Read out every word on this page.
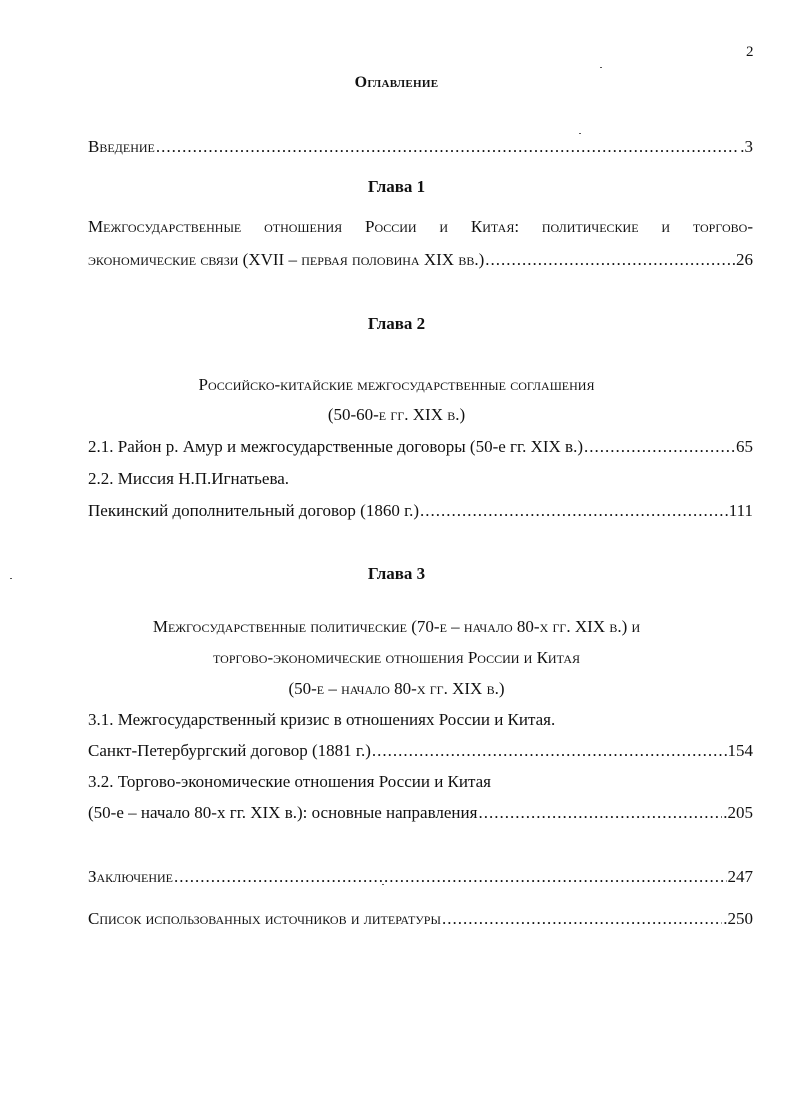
2
Оглавление
Введение .....	.3
Глава 1
Межгосударственные отношения России и Китая: политические и торгово-
экономические связи (XVII – первая половина XIX вв.) .....	.26
Глава 2
Российско-китайские межгосударственные соглашения
(50-60-е гг. XIX в.)
2.1. Район р. Амур и межгосударственные договоры (50-е гг. XIX в.) .....	65
2.2. Миссия Н.П.Игнатьева.
Пекинский дополнительный договор (1860 г.) .....	111
Глава 3
Межгосударственные политические (70-е – начало 80-х гг. XIX в.) и
торгово-экономические отношения России и Китая
(50-е – начало 80-х гг. XIX в.)
3.1. Межгосударственный кризис в отношениях России и Китая.
Санкт-Петербургский договор (1881 г.) .....	154
3.2. Торгово-экономические отношения России и Китая
(50-е – начало 80-х гг. XIX в.): основные направления .....	.205
Заключение .....	247
Список использованных источников и литературы .....	.250
